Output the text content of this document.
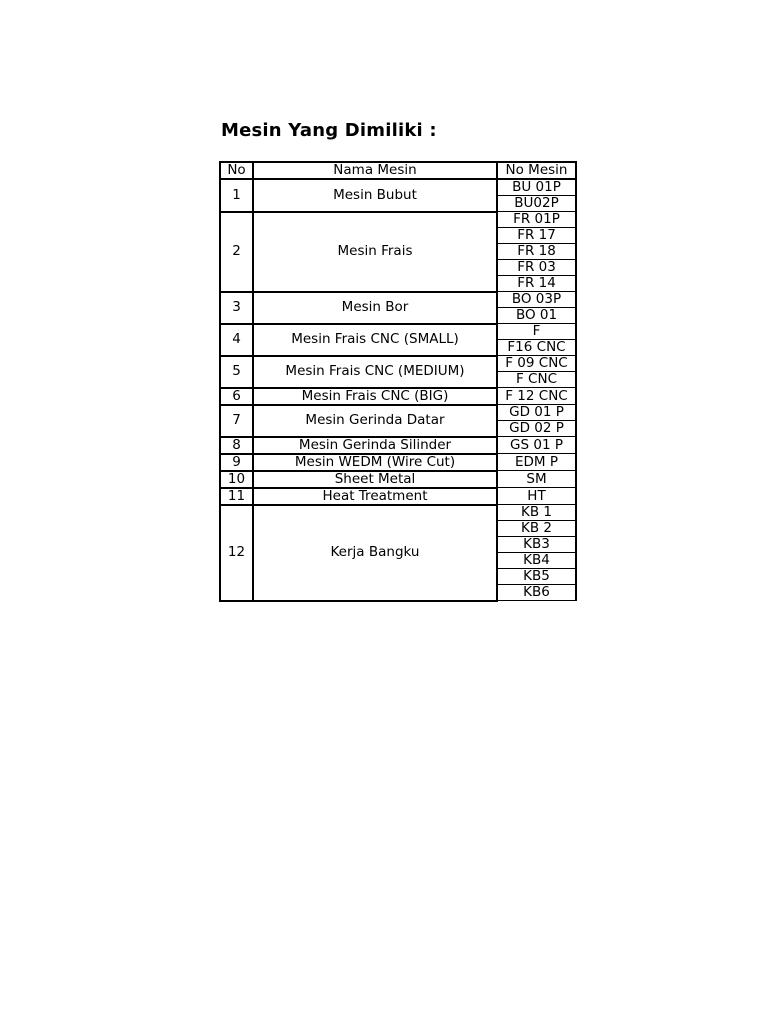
Mesin Yang Dimiliki :
No	Nama Mesin	No Mesin
1	Mesin Bubut	BU 01P
		BU02P
2	Mesin Frais	FR 01P
		FR 17
		FR 18
		FR 03
		FR 14
3	Mesin Bor	BO 03P
		BO 01
4	Mesin Frais CNC (SMALL)	F
		F16 CNC
5	Mesin Frais CNC (MEDIUM)	F 09 CNC
		F CNC
6	Mesin Frais CNC (BIG)	F 12 CNC
7	Mesin Gerinda Datar	GD 01 P
		GD 02 P
8	Mesin Gerinda Silinder	GS 01 P
9	Mesin WEDM (Wire Cut)	EDM P
10	Sheet Metal	SM
11	Heat Treatment	HT
12	Kerja Bangku	KB 1
		KB 2
		KB3
		KB4
		KB5
		KB6
